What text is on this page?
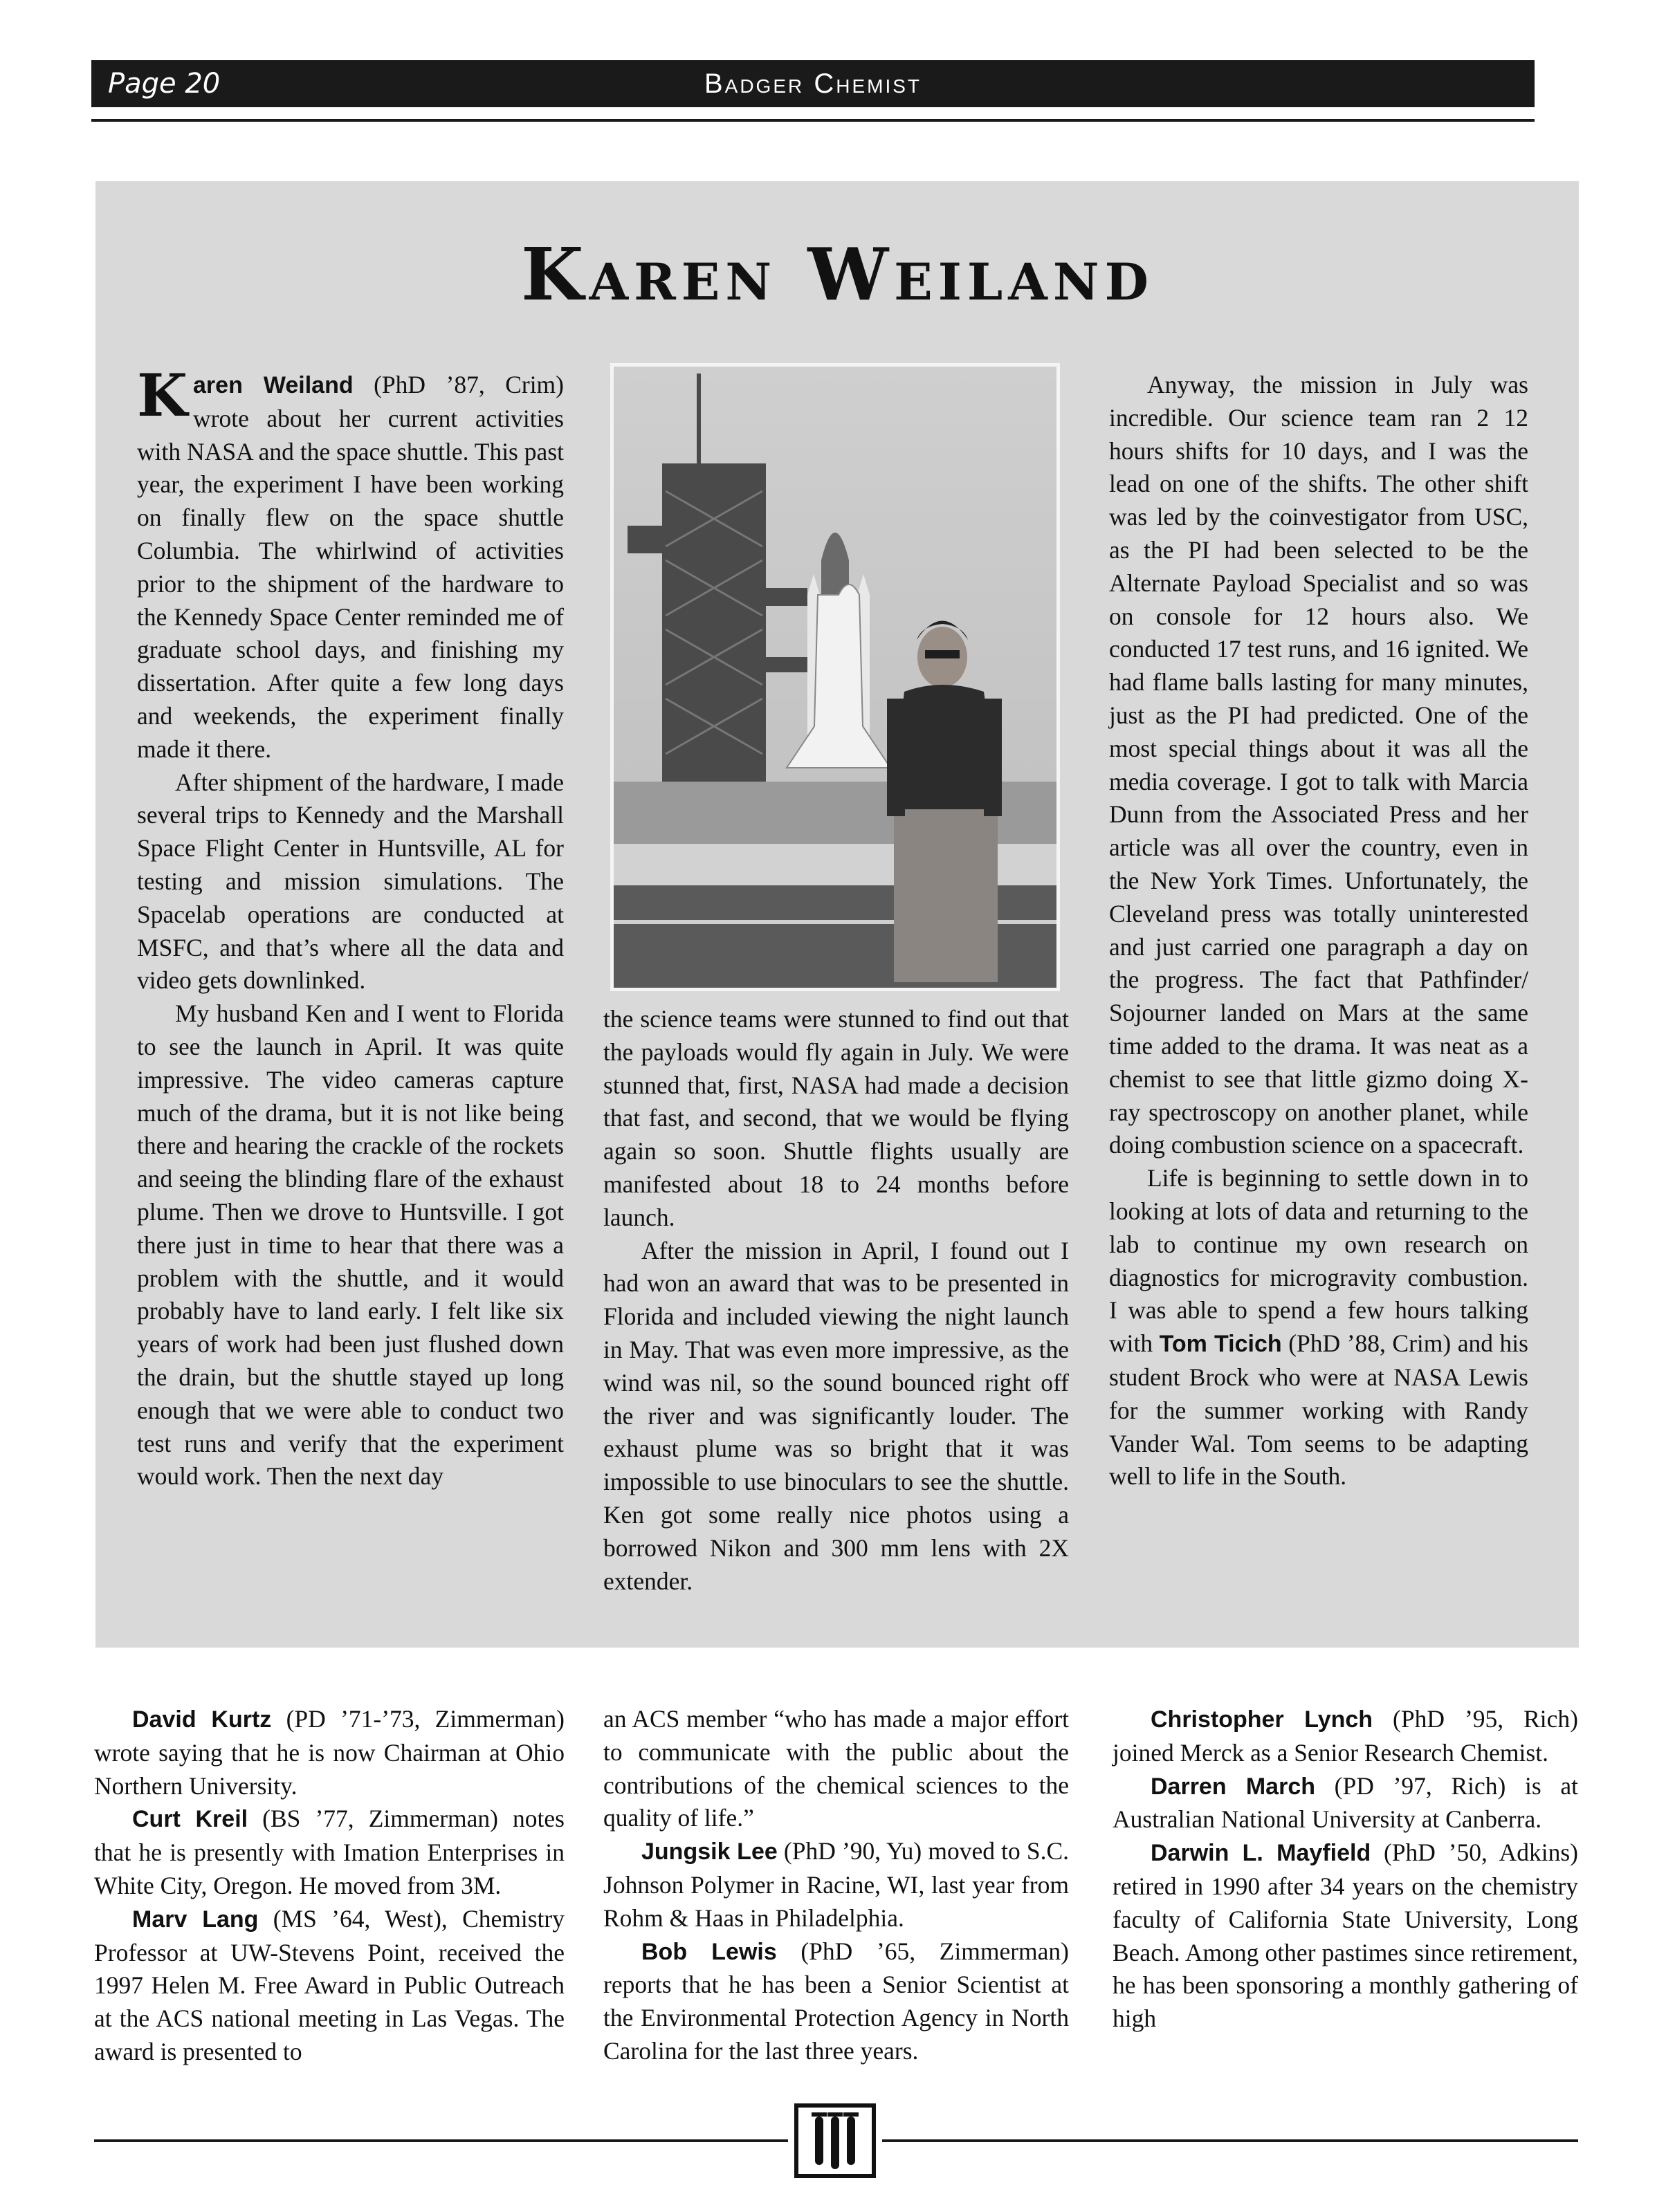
Page 20	Badger Chemist
Karen Weiland

Karen Weiland (PhD ’87, Crim) wrote about her current activities with NASA and the space shuttle. This past year, the experiment I have been working on finally flew on the space shuttle Columbia. The whirlwind of activities prior to the shipment of the hardware to the Kennedy Space Center reminded me of graduate school days, and finishing my dissertation. After quite a few long days and weekends, the experiment finally made it there.

After shipment of the hardware, I made several trips to Kennedy and the Marshall Space Flight Center in Huntsville, AL for testing and mission simulations. The Spacelab operations are conducted at MSFC, and that’s where all the data and video gets downlinked.

My husband Ken and I went to Florida to see the launch in April. It was quite impressive. The video cameras capture much of the drama, but it is not like being there and hearing the crackle of the rockets and seeing the blinding flare of the exhaust plume. Then we drove to Huntsville. I got there just in time to hear that there was a problem with the shuttle, and it would probably have to land early. I felt like six years of work had been just flushed down the drain, but the shuttle stayed up long enough that we were able to conduct two test runs and verify that the experiment would work. Then the next day

the science teams were stunned to find out that the payloads would fly again in July. We were stunned that, first, NASA had made a decision that fast, and second, that we would be flying again so soon. Shuttle flights usually are manifested about 18 to 24 months before launch.

After the mission in April, I found out I had won an award that was to be presented in Florida and included viewing the night launch in May. That was even more impressive, as the wind was nil, so the sound bounced right off the river and was significantly louder. The exhaust plume was so bright that it was impossible to use binoculars to see the shuttle. Ken got some really nice photos using a borrowed Nikon and 300 mm lens with 2X extender.

Anyway, the mission in July was incredible. Our science team ran 2 12 hours shifts for 10 days, and I was the lead on one of the shifts. The other shift was led by the coinvestigator from USC, as the PI had been selected to be the Alternate Payload Specialist and so was on console for 12 hours also. We conducted 17 test runs, and 16 ignited. We had flame balls lasting for many minutes, just as the PI had predicted. One of the most special things about it was all the media coverage. I got to talk with Marcia Dunn from the Associated Press and her article was all over the country, even in the New York Times. Unfortunately, the Cleveland press was totally uninterested and just carried one paragraph a day on the progress. The fact that Pathfinder/ Sojourner landed on Mars at the same time added to the drama. It was neat as a chemist to see that little gizmo doing X-ray spectroscopy on another planet, while doing combustion science on a spacecraft.

Life is beginning to settle down in to looking at lots of data and returning to the lab to continue my own research on diagnostics for microgravity combustion. I was able to spend a few hours talking with Tom Ticich (PhD ’88, Crim) and his student Brock who were at NASA Lewis for the summer working with Randy Vander Wal. Tom seems to be adapting well to life in the South.

David Kurtz (PD ’71-’73, Zimmerman) wrote saying that he is now Chairman at Ohio Northern University.

Curt Kreil (BS ’77, Zimmerman) notes that he is presently with Imation Enterprises in White City, Oregon. He moved from 3M.

Marv Lang (MS ’64, West), Chemistry Professor at UW-Stevens Point, received the 1997 Helen M. Free Award in Public Outreach at the ACS national meeting in Las Vegas. The award is presented to

an ACS member “who has made a major effort to communicate with the public about the contributions of the chemical sciences to the quality of life.”

Jungsik Lee (PhD ’90, Yu) moved to S.C. Johnson Polymer in Racine, WI, last year from Rohm & Haas in Philadelphia.

Bob Lewis (PhD ’65, Zimmerman) reports that he has been a Senior Scientist at the Environmental Protection Agency in North Carolina for the last three years.

Christopher Lynch (PhD ’95, Rich) joined Merck as a Senior Research Chemist.

Darren March (PD ’97, Rich) is at Australian National University at Canberra.

Darwin L. Mayfield (PhD ’50, Adkins) retired in 1990 after 34 years on the chemistry faculty of California State University, Long Beach. Among other pastimes since retirement, he has been sponsoring a monthly gathering of high
